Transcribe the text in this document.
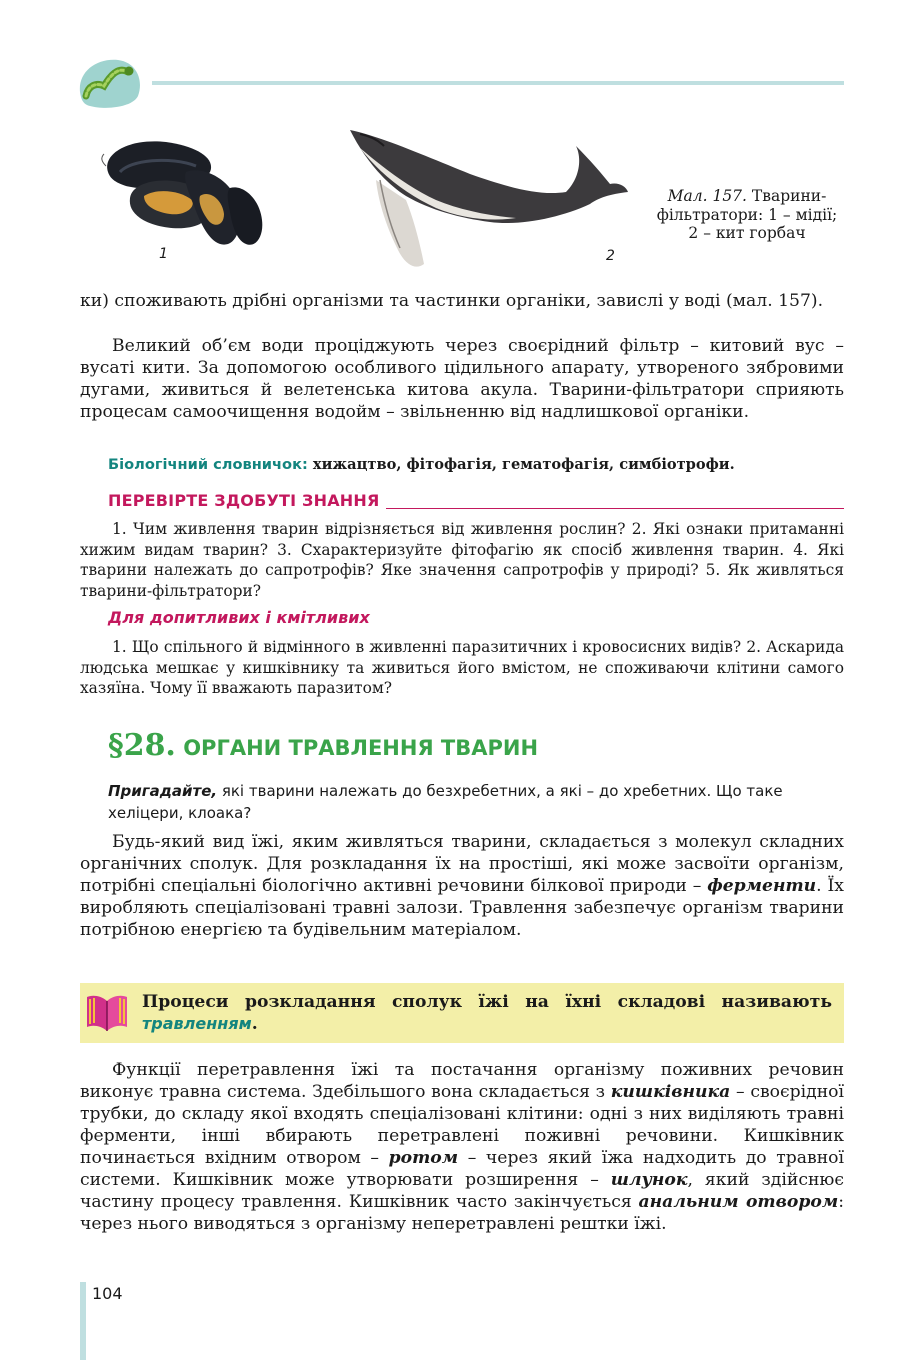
1	2
Мал. 157. Тварини-фільтратори: 1 – мідії; 2 – кит горбач

ки) споживають дрібні організми та частинки органіки, завислі у воді (мал. 157).

Великий об’єм води проціджують через своєрідний фільтр – китовий вус – вусаті кити. За допомогою особливого цідильного апарату, утвореного зябровими дугами, живиться й велетенська китова акула. Тварини-фільтратори сприяють процесам самоочищення водойм – звільненню від надлишкової органіки.

Біологічний словничок: хижацтво, фітофагія, гематофагія, симбіотрофи.
ПЕРЕВІРТЕ ЗДОБУТІ ЗНАННЯ

1. Чим живлення тварин відрізняється від живлення рослин? 2. Які ознаки притаманні хижим видам тварин? 3. Схарактеризуйте фітофагію як спосіб живлення тварин. 4. Які тварини належать до сапротрофів? Яке значення сапротрофів у природі? 5. Як живляться тварини-фільтратори?

Для допитливих і кмітливих

1. Що спільного й відмінного в живленні паразитичних і кровосисних видів? 2. Аскарида людська мешкає у кишківнику та живиться його вмістом, не споживаючи клітини самого хазяїна. Чому її вважають паразитом?

§28. ОРГАНИ ТРАВЛЕННЯ ТВАРИН
Пригадайте, які тварини належать до безхребетних, а які – до хребетних. Що таке хеліцери, клоака?

Будь-який вид їжі, яким живляться тварини, складається з молекул складних органічних сполук. Для розкладання їх на простіші, які може засвоїти організм, потрібні спеціальні біологічно активні речовини білкової природи – ферменти. Їх виробляють спеціалізовані травні залози. Травлення забезпечує організм тварини потрібною енергією та будівельним матеріалом.

Процеси розкладання сполук їжі на їхні складові називають травленням.

Функції перетравлення їжі та постачання організму поживних речовин виконує травна система. Здебільшого вона складається з кишківника – своєрідної трубки, до складу якої входять спеціалізовані клітини: одні з них виділяють травні ферменти, інші вбирають перетравлені поживні речовини. Кишківник починається вхідним отвором – ротом – через який їжа надходить до травної системи. Кишківник може утворювати розширення – шлунок, який здійснює частину процесу травлення. Кишківник часто закінчується анальним отвором: через нього виводяться з організму неперетравлені рештки їжі.

104
